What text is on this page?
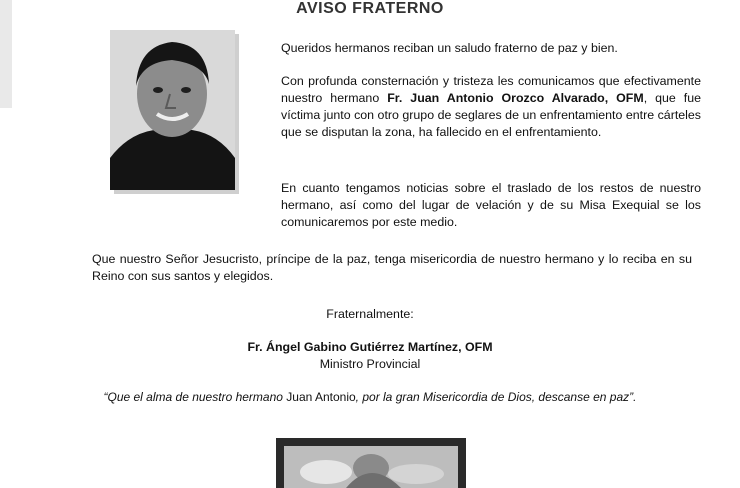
AVISO FRATERNO

Queridos hermanos reciban un saludo fraterno de paz y bien.

Con profunda consternación y tristeza les comunicamos que efectivamente nuestro hermano Fr. Juan Antonio Orozco Alvarado, OFM, que fue víctima junto con otro grupo de seglares de un enfrentamiento entre cárteles que se disputan la zona, ha fallecido en el enfrentamiento.

En cuanto tengamos noticias sobre el traslado de los restos de nuestro hermano, así como del lugar de velación y de su Misa Exequial se los comunicaremos por este medio.

Que nuestro Señor Jesucristo, príncipe de la paz, tenga misericordia de nuestro hermano y lo reciba en su Reino con sus santos y elegidos.

Fraternalmente:

Fr. Ángel Gabino Gutiérrez Martínez, OFM

Ministro Provincial

“Que el alma de nuestro hermano Juan Antonio, por la gran Misericordia de Dios, descanse en paz”.
